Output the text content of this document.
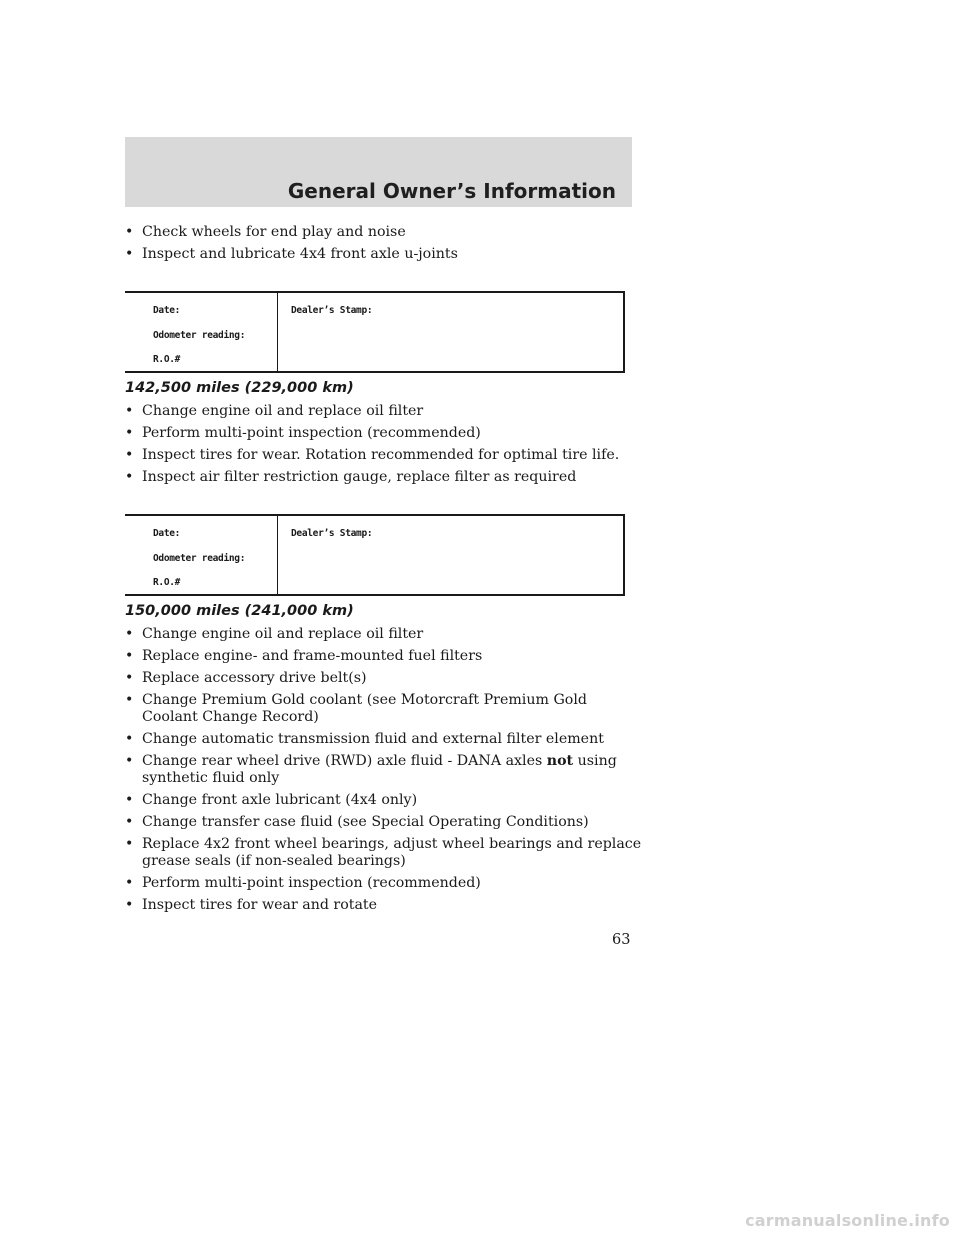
General Owner’s Information
• Check wheels for end play and noise
• Inspect and lubricate 4x4 front axle u-joints
Date:
Odometer reading:
R.O.#
Dealer’s Stamp:
142,500 miles (229,000 km)
• Change engine oil and replace oil filter
• Perform multi-point inspection (recommended)
• Inspect tires for wear. Rotation recommended for optimal tire life.
• Inspect air filter restriction gauge, replace filter as required
Date:
Odometer reading:
R.O.#
Dealer’s Stamp:
150,000 miles (241,000 km)
• Change engine oil and replace oil filter
• Replace engine- and frame-mounted fuel filters
• Replace accessory drive belt(s)
• Change Premium Gold coolant (see Motorcraft Premium Gold Coolant Change Record)
• Change automatic transmission fluid and external filter element
• Change rear wheel drive (RWD) axle fluid - DANA axles not using synthetic fluid only
• Change front axle lubricant (4x4 only)
• Change transfer case fluid (see Special Operating Conditions)
• Replace 4x2 front wheel bearings, adjust wheel bearings and replace grease seals (if non-sealed bearings)
• Perform multi-point inspection (recommended)
• Inspect tires for wear and rotate
63
carmanualsonline.info
